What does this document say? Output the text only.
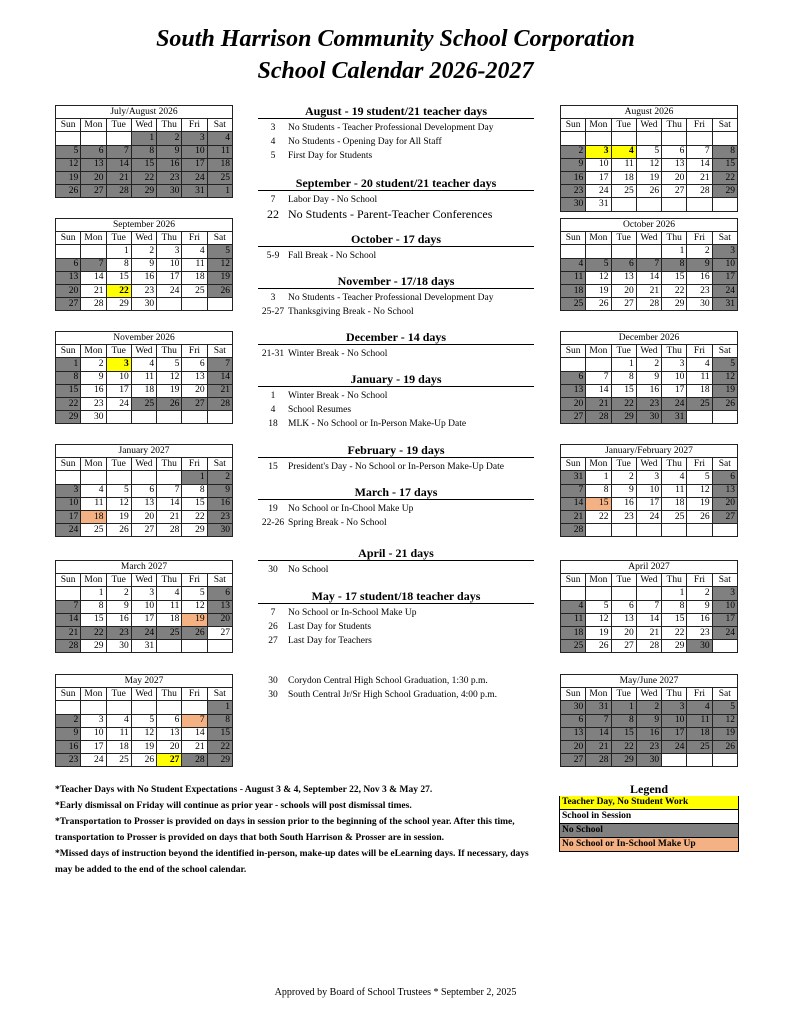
South Harrison Community School Corporation
School Calendar 2026-2027
July/August 2026						
Sun	Mon	Tue	Wed	Thu	Fri	Sat
			1	2	3	4
5	6	7	8	9	10	11
12	13	14	15	16	17	18
19	20	21	22	23	24	25
26	27	28	29	30	31	1
August 2026						
Sun	Mon	Tue	Wed	Thu	Fri	Sat

2	3	4	5	6	7	8
9	10	11	12	13	14	15
16	17	18	19	20	21	22
23	24	25	26	27	28	29
30	31					
September 2026						
Sun	Mon	Tue	Wed	Thu	Fri	Sat
		1	2	3	4	5
6	7	8	9	10	11	12
13	14	15	16	17	18	19
20	21	22	23	24	25	26
27	28	29	30			
October 2026						
Sun	Mon	Tue	Wed	Thu	Fri	Sat
				1	2	3
4	5	6	7	8	9	10
11	12	13	14	15	16	17
18	19	20	21	22	23	24
25	26	27	28	29	30	31
November 2026						
Sun	Mon	Tue	Wed	Thu	Fri	Sat
1	2	3	4	5	6	7
8	9	10	11	12	13	14
15	16	17	18	19	20	21
22	23	24	25	26	27	28
29	30					
December 2026						
Sun	Mon	Tue	Wed	Thu	Fri	Sat
		1	2	3	4	5
6	7	8	9	10	11	12
13	14	15	16	17	18	19
20	21	22	23	24	25	26
27	28	29	30	31		
January 2027						
Sun	Mon	Tue	Wed	Thu	Fri	Sat
					1	2
3	4	5	6	7	8	9
10	11	12	13	14	15	16
17	18	19	20	21	22	23
24	25	26	27	28	29	30
January/February 2027						
Sun	Mon	Tue	Wed	Thu	Fri	Sat
31	1	2	3	4	5	6
7	8	9	10	11	12	13
14	15	16	17	18	19	20
21	22	23	24	25	26	27
28						
March 2027						
Sun	Mon	Tue	Wed	Thu	Fri	Sat
	1	2	3	4	5	6
7	8	9	10	11	12	13
14	15	16	17	18	19	20
21	22	23	24	25	26	27
28	29	30	31			
April 2027						
Sun	Mon	Tue	Wed	Thu	Fri	Sat
				1	2	3
4	5	6	7	8	9	10
11	12	13	14	15	16	17
18	19	20	21	22	23	24
25	26	27	28	29	30	
May 2027						
Sun	Mon	Tue	Wed	Thu	Fri	Sat
						1
2	3	4	5	6	7	8
9	10	11	12	13	14	15
16	17	18	19	20	21	22
23	24	25	26	27	28	29
May/June 2027						
Sun	Mon	Tue	Wed	Thu	Fri	Sat
30	31	1	2	3	4	5
6	7	8	9	10	11	12
13	14	15	16	17	18	19
20	21	22	23	24	25	26
27	28	29	30			
August - 19 student/21 teacher days
3	No Students - Teacher Professional Development Day
4	No Students - Opening Day for All Staff
5	First Day for Students
September - 20 student/21 teacher days
7	Labor Day - No School
22 No Students - Parent-Teacher Conferences
October - 17 days
5-9 Fall Break - No School
November - 17/18 days
3	No Students - Teacher Professional Development Day
25-27 Thanksgiving Break - No School
December - 14 days
21-31 Winter Break - No School
January - 19 days
1	Winter Break - No School
4	School Resumes
18	MLK - No School or In-Person Make-Up Date
February - 19 days
15	President's Day - No School or In-Person Make-Up Date
March - 17 days
19	No School or In-Chool Make Up
22-26 Spring Break - No School
April - 21 days
30	No School
May - 17 student/18 teacher days
7	No School or In-School Make Up
26	Last Day for Students
27	Last Day for Teachers
30	Corydon Central High School Graduation, 1:30 p.m.
30	South Central Jr/Sr High School Graduation, 4:00 p.m.
*Teacher Days with No Student Expectations - August 3 & 4, September 22, Nov 3 & May 27.
*Early dismissal on Friday will continue as prior year - schools will post dismissal times.
*Transportation to Prosser is provided on days in session prior to the beginning of the school year. After this time, transportation to Prosser is provided on days that both South Harrison & Prosser are in session.
*Missed days of instruction beyond the identified in-person, make-up dates will be eLearning days. If necessary, days may be added to the end of the school calendar.
Legend
Teacher Day, No Student Work
School in Session
No School
No School or In-School Make Up
Approved by Board of School Trustees * September 2, 2025
